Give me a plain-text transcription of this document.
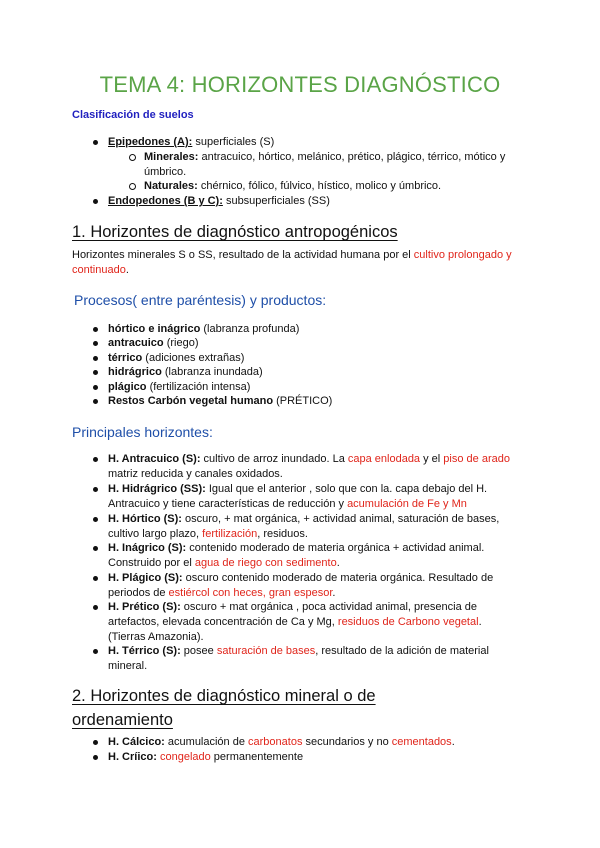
TEMA 4: HORIZONTES DIAGNÓSTICO
Clasificación de suelos
Epipedones (A): superficiales (S)
Minerales: antracuico, hórtico, melánico, prético, plágico, térrico, mótico y úmbrico.
Naturales: chérnico, fólico, fúlvico, hístico, molico y úmbrico.
Endopedones (B y C): subsuperficiales (SS)
1. Horizontes de diagnóstico antropogénicos
Horizontes minerales S o SS, resultado de la actividad humana por el cultivo prolongado y continuado.
Procesos( entre paréntesis) y productos:
hórtico e inágrico (labranza profunda)
antracuico (riego)
térrico (adiciones extrañas)
hidrágrico (labranza inundada)
plágico (fertilización intensa)
Restos Carbón vegetal humano (PRÉTICO)
Principales horizontes:
H. Antracuico (S): cultivo de arroz inundado. La capa enlodada y el piso de arado matriz reducida y canales oxidados.
H. Hidrágrico (SS): Igual que el anterior , solo que con la. capa debajo del H. Antracuico y tiene características de reducción y acumulación de Fe y Mn
H. Hórtico (S): oscuro, + mat orgánica, + actividad animal, saturación de bases, cultivo largo plazo, fertilización, residuos.
H. Inágrico (S): contenido moderado de materia orgánica + actividad animal. Construido por el agua de riego con sedimento.
H. Plágico (S): oscuro contenido moderado de materia orgánica. Resultado de periodos de estiércol con heces, gran espesor.
H. Prético (S): oscuro + mat orgánica , poca actividad animal, presencia de artefactos, elevada concentración de Ca y Mg, residuos de Carbono vegetal. (Tierras Amazonia).
H. Térrico (S): posee saturación de bases, resultado de la adición de material mineral.
2. Horizontes de diagnóstico mineral o de ordenamiento
H. Cálcico: acumulación de carbonatos secundarios y no cementados.
H. Críico: congelado permanentemente
